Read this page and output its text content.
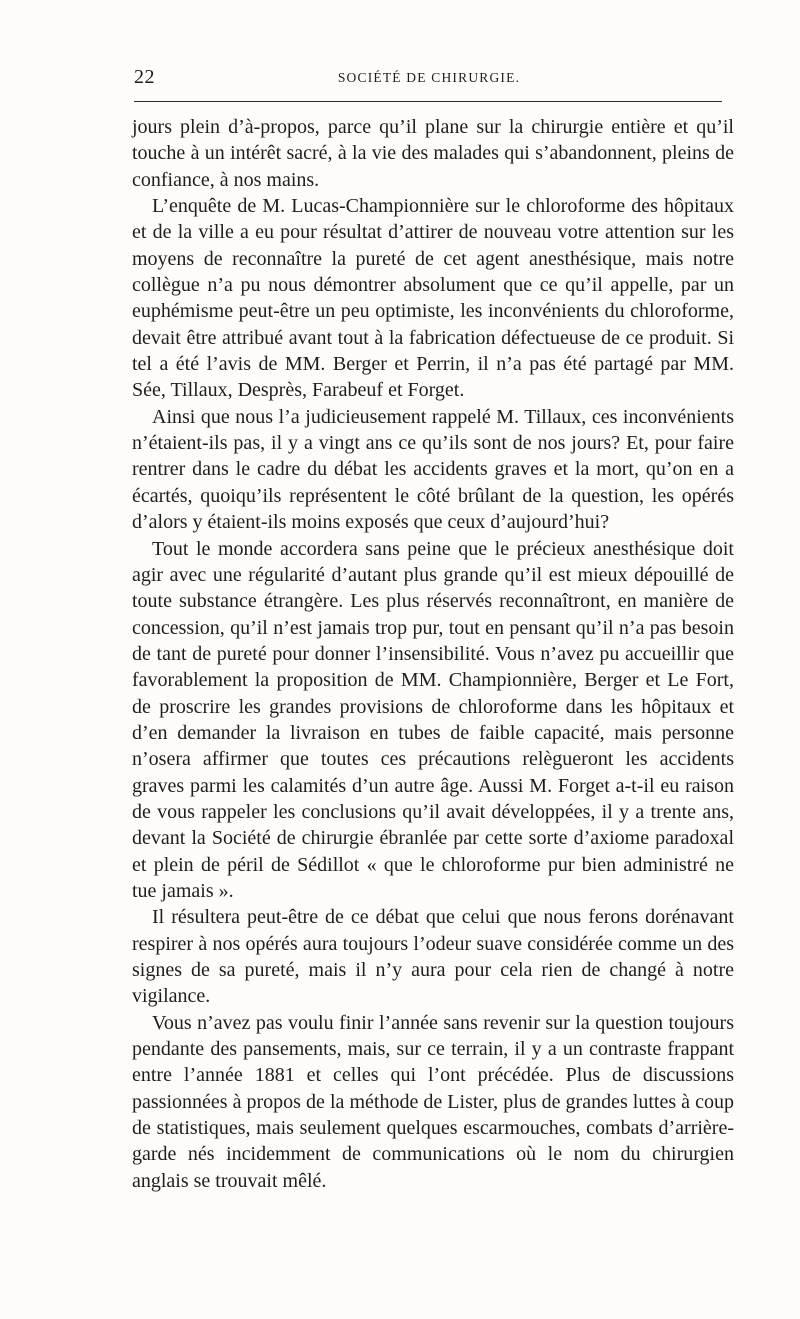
22	SOCIÉTÉ DE CHIRURGIE.

jours plein d’à-propos, parce qu’il plane sur la chirurgie entière et qu’il touche à un intérêt sacré, à la vie des malades qui s’abandonnent, pleins de confiance, à nos mains.

L’enquête de M. Lucas-Championnière sur le chloroforme des hôpitaux et de la ville a eu pour résultat d’attirer de nouveau votre attention sur les moyens de reconnaître la pureté de cet agent anesthésique, mais notre collègue n’a pu nous démontrer absolument que ce qu’il appelle, par un euphémisme peut-être un peu optimiste, les inconvénients du chloroforme, devait être attribué avant tout à la fabrication défectueuse de ce produit. Si tel a été l’avis de MM. Berger et Perrin, il n’a pas été partagé par MM. Sée, Tillaux, Desprès, Farabeuf et Forget.

Ainsi que nous l’a judicieusement rappelé M. Tillaux, ces inconvénients n’étaient-ils pas, il y a vingt ans ce qu’ils sont de nos jours? Et, pour faire rentrer dans le cadre du débat les accidents graves et la mort, qu’on en a écartés, quoiqu’ils représentent le côté brûlant de la question, les opérés d’alors y étaient-ils moins exposés que ceux d’aujourd’hui?

Tout le monde accordera sans peine que le précieux anesthésique doit agir avec une régularité d’autant plus grande qu’il est mieux dépouillé de toute substance étrangère. Les plus réservés reconnaîtront, en manière de concession, qu’il n’est jamais trop pur, tout en pensant qu’il n’a pas besoin de tant de pureté pour donner l’insensibilité. Vous n’avez pu accueillir que favorablement la proposition de MM. Championnière, Berger et Le Fort, de proscrire les grandes provisions de chloroforme dans les hôpitaux et d’en demander la livraison en tubes de faible capacité, mais personne n’osera affirmer que toutes ces précautions relègueront les accidents graves parmi les calamités d’un autre âge. Aussi M. Forget a-t-il eu raison de vous rappeler les conclusions qu’il avait développées, il y a trente ans, devant la Société de chirurgie ébranlée par cette sorte d’axiome paradoxal et plein de péril de Sédillot « que le chloroforme pur bien administré ne tue jamais ».

Il résultera peut-être de ce débat que celui que nous ferons dorénavant respirer à nos opérés aura toujours l’odeur suave considérée comme un des signes de sa pureté, mais il n’y aura pour cela rien de changé à notre vigilance.

Vous n’avez pas voulu finir l’année sans revenir sur la question toujours pendante des pansements, mais, sur ce terrain, il y a un contraste frappant entre l’année 1881 et celles qui l’ont précédée. Plus de discussions passionnées à propos de la méthode de Lister, plus de grandes luttes à coup de statistiques, mais seulement quelques escarmouches, combats d’arrière-garde nés incidemment de communications où le nom du chirurgien anglais se trouvait mêlé.
